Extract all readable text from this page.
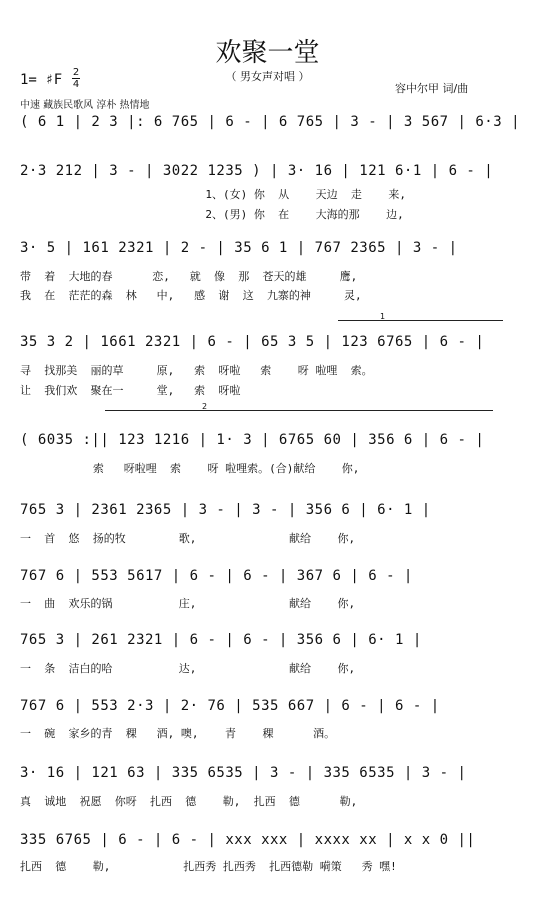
欢聚一堂
（ 男女声对唱 ）
1= ♯F 2
4
中速 藏族民歌风 淳朴 热情地
容中尔甲 词/曲
( 6 1 | 2 3 |: 6 765 | 6 - | 6 765 | 3 - | 3 567 | 6·3 |
2·3 212 | 3 - | 3022 1235 ) | 3· 16 | 121 6·1 | 6 - |
1、(女) 你  从    天边  走    来,
2、(男) 你  在    大海的那    边,
3· 5 | 161 2321 | 2 - | 35 6 1 | 767 2365 | 3 - |
带  着  大地的春      恋,   就  像  那  苍天的雄     鹰,
我  在  茫茫的森  林   中,   感  谢  这  九寨的神     灵,
1
35 3 2 | 1661 2321 | 6 - | 65 3 5 | 123 6765 | 6 - |
寻  找那美  丽的草     原,   索  呀啦   索    呀 啦哩  索。
让  我们欢  聚在一     堂,   索  呀啦
2
( 6035 :|| 123 1216 | 1· 3 | 6765 60 | 356 6 | 6 - |
索   呀啦哩  索    呀 啦哩索。(合)献给    你,
765 3 | 2361 2365 | 3 - | 3 - | 356 6 | 6· 1 |
一  首  悠  扬的牧        歌,              献给    你,
767 6 | 553 5617 | 6 - | 6 - | 367 6 | 6 - |
一  曲  欢乐的锅          庄,              献给    你,
765 3 | 261 2321 | 6 - | 6 - | 356 6 | 6· 1 |
一  条  洁白的哈          达,              献给    你,
767 6 | 553 2·3 | 2· 76 | 535 667 | 6 - | 6 - |
一  碗  家乡的青  稞   酒, 噢,    青    稞      酒。
3· 16 | 121 63 | 335 6535 | 3 - | 335 6535 | 3 - |
真  诚地  祝愿  你呀  扎西  德    勒,  扎西  德      勒,
335 6765 | 6 - | 6 - | xxx xxx | xxxx xx | x x 0 ||
扎西  德    勒,           扎西秀 扎西秀  扎西德勒 嗬策   秀 嘿!
